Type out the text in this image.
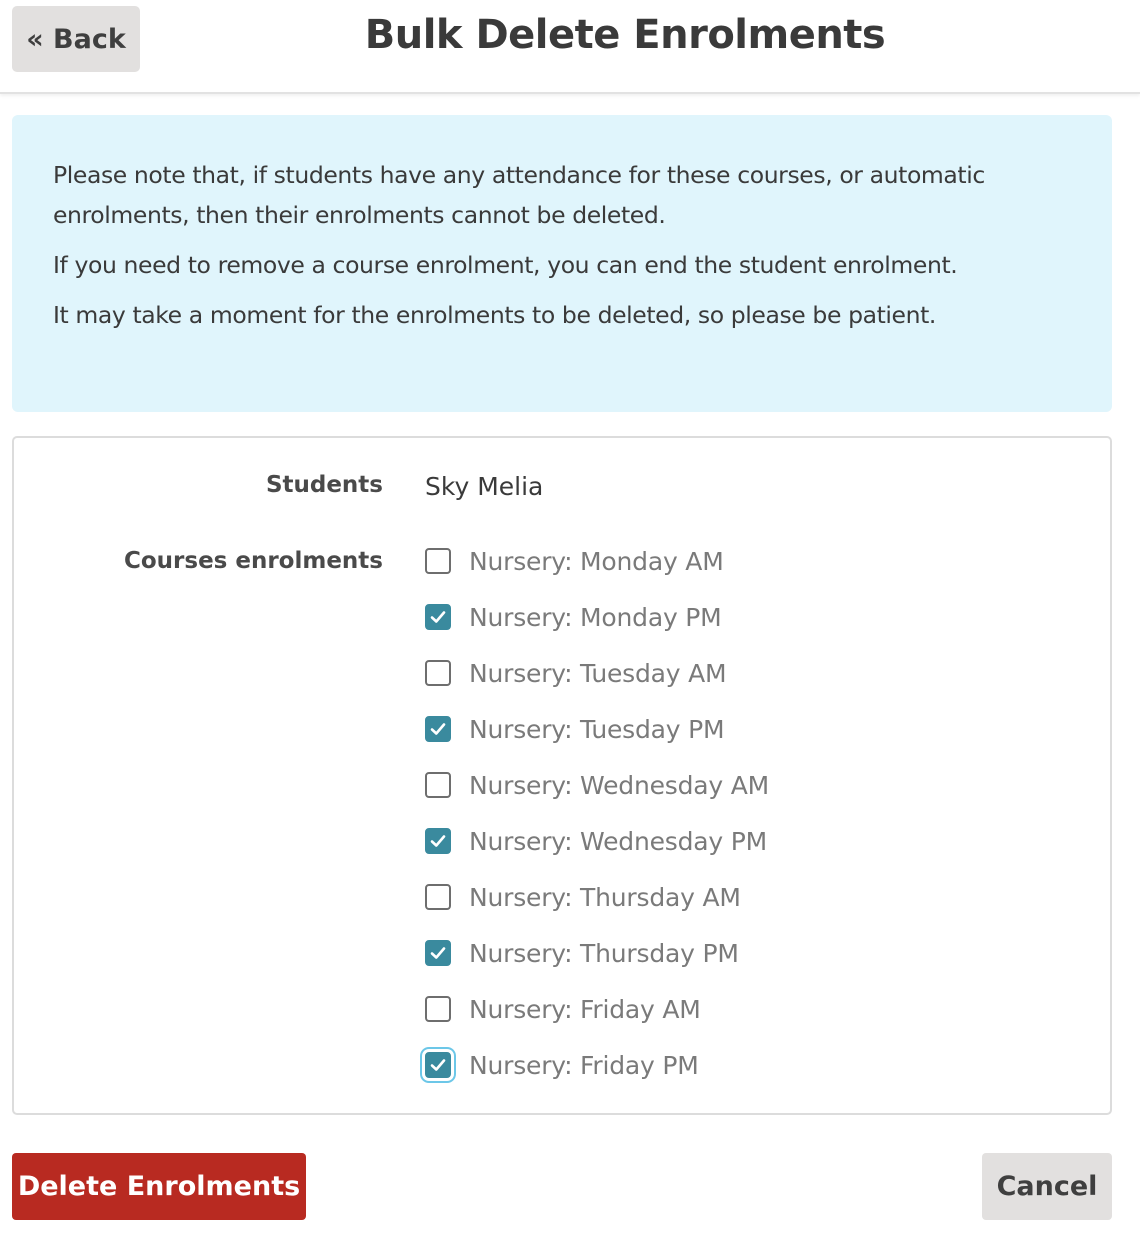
« Back	Bulk Delete Enrolments

Please note that, if students have any attendance for these courses, or automatic enrolments, then their enrolments cannot be deleted.

If you need to remove a course enrolment, you can end the student enrolment.

It may take a moment for the enrolments to be deleted, so please be patient.

Students Sky Melia
Courses enrolments	Nursery: Monday AM
Nursery: Monday PM
Nursery: Tuesday AM
Nursery: Tuesday PM
Nursery: Wednesday AM
Nursery: Wednesday PM
Nursery: Thursday AM
Nursery: Thursday PM
Nursery: Friday AM
Nursery: Friday PM
Delete Enrolments	Cancel
